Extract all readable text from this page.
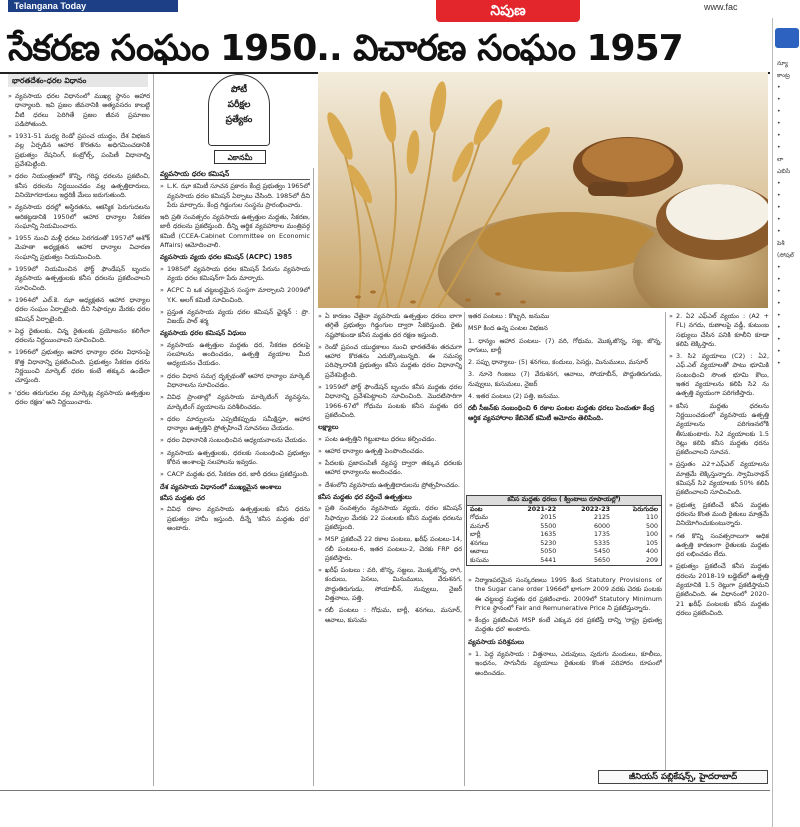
Telangana Today	నిపుణ	www.fac
సేకరణ సంఘం 1950.. విచారణ సంఘం 1957
భారతదేశం-ధరల విధానం

» వ్యవసాయ ధరల విధానంలో ముఖ్య స్థానం ఆహార ధాన్యాలది. ఇవి ప్రజల జీవనానికి అత్యవసరం కాబట్టి వీటి ధరలు పెరిగితే ప్రజల జీవన ప్రమాణం పడిపోతుంది.

» 1931-51 మధ్య రెండో ప్రపంచ యుద్ధం, దేశ విభజన వల్ల ఏర్పడిన ఆహార కొరతను అధిగమించడానికి ప్రభుత్వం రేషనింగ్, కంట్రోల్స్, పంపిణీ విధానాల్ని ప్రవేశపెట్టింది.

» ధరల నియంత్రణలో కొన్ని, గరిష్ఠ ధరలను ప్రకటించి, కనీస ధరలను నిర్ణయించడం వల్ల ఉత్పత్తిదారులు, వినియోగదారులు ఇద్దరికీ మేలు జరుగుతుంది.

» వ్యవసాయ ధరల్లో అస్థిరతను, ఆకస్మిక పెరుగుదలను అరికట్టడానికి 1950లో ఆహార ధాన్యాల సేకరణ సంఘాన్ని నియమించారు.

» 1955 నుంచి మళ్లీ ధరలు పెరగడంతో 1957లో అశోక్ మెహతా అధ్యక్షతన ఆహార ధాన్యాల విచారణ సంఘాన్ని ప్రభుత్వం నియమించింది.

» 1959లో నియమించిన ఫోర్డ్ ఫౌండేషన్ బృందం వ్యవసాయ ఉత్పత్తులకు కనీస ధరలను ప్రకటించాలని సూచించింది.

» 1964లో ఎల్.కె. ఝా అధ్యక్షతన ఆహార ధాన్యాల ధరల సంఘం ఏర్పాటైంది. దీని సిఫార్సుల మేరకు ధరల కమిషన్ ఏర్పాటైంది.

» పెద్ద రైతులకు, చిన్న రైతులకు ప్రయోజనం కలిగేలా ధరలను నిర్ణయించాలని సూచించింది.

» 1966లో ప్రభుత్వం ఆహార ధాన్యాల ధరల విధానంపై కొత్త విధానాన్ని ప్రకటించింది. ప్రభుత్వం సేకరణ ధరను నిర్ణయించి మార్కెట్ ధరల కంటే తక్కువ ఉండేలా చూస్తుంది.

» 'ధరల తరుగుదల వల్ల మార్కెట్ల వ్యవసాయ ఉత్పత్తుల ధరల రక్షణ' అని నిర్ణయించారు.

పోటీ
పరీక్షల
ప్రత్యేకం
ఎకానమీ
వ్యవసాయ ధరల కమిషన్

» L.K. ఝా కమిటీ సూచన ప్రకారం కేంద్ర ప్రభుత్వం 1965లో వ్యవసాయ ధరల కమిషన్ ఏర్పాటు చేసింది. 1985లో దీని పేరు మార్చారు. కేంద్ర గిడ్డంగుల సంస్థను ప్రారంభించారు.

ఇది ప్రతి సంవత్సరం వ్యవసాయ ఉత్పత్తుల మద్దతు, సేకరణ, జారీ ధరలను ప్రకటిస్తుంది. దీన్ని ఆర్థిక వ్యవహారాల మంత్రివర్గ కమిటీ (CCEA-Cabinet Committee on Economic Affairs) ఆమోదించాలి.

వ్యవసాయ వ్యయ ధరల కమిషన్ (ACPC) 1985

» 1985లో వ్యవసాయ ధరల కమిషన్ పేరును వ్యవసాయ వ్యయ ధరల కమిషన్‌గా పేరు మార్చారు.

» ACPC ని ఒక చట్టబద్ధమైన సంస్థగా మార్చాలని 2009లో Y.K. అలగ్ కమిటీ సూచించింది.

» ప్రస్తుత వ్యవసాయ వ్యయ ధరల కమిషన్ ఛైర్మన్ : ప్రొ. విజయ్ పాల్ శర్మ

వ్యవసాయ ధరల కమిషన్ విధులు

» వ్యవసాయ ఉత్పత్తుల మద్దతు ధర, సేకరణ ధరలపై సలహాలను అందించడం, ఉత్పత్తి వ్యయాల మీద అధ్యయనం చేయడం.

» ధరల విధాన సమగ్ర దృక్పథంతో ఆహార ధాన్యాల మార్కెట్ విధానాలను సూచించడం.

» వివిధ ప్రాంతాల్లో వ్యవసాయ మార్కెటింగ్ వ్యవస్థను, మార్కెటింగ్ వ్యయాలను పరిశీలించడం.

» ధరల మార్పులను ఎప్పటికప్పుడు సమీక్షిస్తూ, ఆహార ధాన్యాల ఉత్పత్తిని ప్రోత్సహించే సూచనలు చేయడం.

» ధరల విధానానికి సంబంధించిన అధ్యయనాలను చేయడం.

» వ్యవసాయ ఉత్పత్తులకు, ధరలకు సంబంధించి ప్రభుత్వం కోరిన అంశాలపై సలహాలను ఇవ్వడం.

» CACP మద్దతు ధర, సేకరణ ధర, జారీ ధరలు ప్రకటిస్తుంది.

దేశ వ్యవసాయ విధానంలో ముఖ్యమైన అంశాలు
కనీస మద్దతు ధర

» వివిధ రకాల వ్యవసాయ ఉత్పత్తులకు కనీస ధరను ప్రభుత్వం హామీ ఇస్తుంది. దీన్నే 'కనీస మద్దతు ధర' అంటారు.

» ఏ కారణం చేతైనా వ్యవసాయ ఉత్పత్తుల ధరలు బాగా తగ్గితే ప్రభుత్వం గిడ్డంగుల ద్వారా సేకరిస్తుంది. రైతు నష్టపోకుండా కనీస మద్దతు ధర రక్షణ ఇస్తుంది.

» రెండో ప్రపంచ యుద్ధకాలం నుంచి భారతదేశం తరచుగా ఆహార కొరతను ఎదుర్కొంటున్నది. ఈ సమస్య పరిష్కారానికి ప్రభుత్వం కనీస మద్దతు ధరల విధానాన్ని ప్రవేశపెట్టింది.

» 1959లో ఫోర్డ్ ఫౌండేషన్ బృందం కనీస మద్దతు ధరల విధానాన్ని ప్రవేశపెట్టాలని సూచించింది. మొదటిసారిగా 1966-67లో గోధుమ పంటకు కనీస మద్దతు ధర ప్రకటించింది.

లక్ష్యాలు

» పంట ఉత్పత్తిని గిట్టుబాటు ధరలు కల్పించడం.

» ఆహార ధాన్యాల ఉత్పత్తి పెంపొందించడం.

» పేదలకు ప్రజాపంపిణీ వ్యవస్థ ద్వారా తక్కువ ధరలకు ఆహార ధాన్యాలను అందించడం.

» దేశంలోని వ్యవసాయ ఉత్పత్తిదారులను ప్రోత్సహించడం.

కనీస మద్దతు ధర వర్తించే ఉత్పత్తులు

» ప్రతి సంవత్సరం వ్యవసాయ వ్యయ, ధరల కమిషన్ సిఫార్సుల మేరకు 22 పంటలకు కనీస మద్దతు ధరలను ప్రకటిస్తుంది.

» MSP ప్రకటించే 22 రకాల పంటలు, ఖరీఫ్ పంటలు-14, రబీ పంటలు-6, ఇతర పంటలు-2, చెరకు FRP ధర ప్రకటిస్తారు.

» ఖరీఫ్ పంటలు : వరి, జొన్న, సజ్జలు, మొక్కజొన్న, రాగి, కందులు, పెసలు, మినుములు, వేరుశనగ, పొద్దుతిరుగుడు, సోయాబీన్, నువ్వులు, నైజర్ విత్తనాలు, పత్తి.

» రబీ పంటలు : గోధుమ, బార్లీ, శనగలు, మసూర్, ఆవాలు, కుసుమ

ఇతర పంటలు : కొబ్బరి, జనుము

MSP కింద ఉన్న పంటల విభజన

1. ధాన్యం ఆహార పంటలు- (7) వరి, గోధుమ, మొక్కజొన్న, సజ్జ, జొన్న, రాగులు, బార్లీ

2. పప్పు ధాన్యాలు- (5) శనగలు, కందులు, పెసర్లు, మినుములు, మసూర్

3. నూనె గింజలు (7) వేరుశనగ, ఆవాలు, సోయాబీన్, పొద్దుతిరుగుడు, నువ్వులు, కుసుమలు, నైజర్

4. ఇతర పంటలు (2) పత్తి, జనుము.

రబీ సీజన్‌కు సంబంధించి 6 రకాల పంటల మద్దతు ధరలు పెంచుతూ కేంద్ర ఆర్థిక వ్యవహారాల కేబినెట్ కమిటీ ఆమోదం తెలిపింది.
కనీస మద్దతు ధరలు ( క్వింటాలు రూపాయల్లో)
పంట	2021-22	2022-23	పెరుగుదల
గోధుమ	2015	2125	110
మసూర్	5500	6000	500
బార్లీ	1635	1735	100
శనగలు	5230	5335	105
ఆవాలు	5050	5450	400
కుసుమ	5441	5650	209

» నిర్మాణపరమైన సంస్కరణలు 1995 కింద Statutory Provisions of the Sugar cane order 1966లో భాగంగా 2009 వరకు చెరకు పంటకు ఈ చట్టబద్ధ మద్దతు ధర ప్రకటించారు. 2009లో Statutory Minimum Price స్థానంలో Fair and Remunerative Price ని ప్రకటిస్తున్నారు.

» కేంద్రం ప్రకటించిన MSP కంటే ఎక్కువ ధర ప్రకటిస్తే దాన్ని 'రాష్ట్ర ప్రభుత్వ మద్దతు ధర' అంటారు.

వ్యవసాయ పరిశ్రమలు

» 1. పెద్ద వ్యవసాయ : విత్తనాలు, ఎరువులు, పురుగు మందులు, కూలీలు, ఇంధనం, సాగునీరు వ్యయాలు రైతులకు కొంత పరిహారం రూపంలో అందించడం.

» 2. ఏ2 ఎఫ్‌ఎల్ వ్యయం : (A2 + FL) నగదు, రుణాలపై వడ్డీ, కుటుంబ సభ్యులు చేసిన పనికి కూలీని కూడా కలిపి లెక్కిస్తారు.

» 3. సి2 వ్యయాలు (C2) : ఏ2, ఎఫ్.ఎల్ వ్యయాలతో పాటు భూమికి సంబంధించి సొంత భూమి కౌలు, ఇతర వ్యయాలను కలిపి సి2 ను ఉత్పత్తి వ్యయంగా పరిగణిస్తారు.

» కనీస మద్దతు ధరలను నిర్ణయించడంలో వ్యవసాయ ఉత్పత్తి వ్యయాలను పరిగణనలోకి తీసుకుంటారు. సి2 వ్యయాలకు 1.5 రెట్లు కలిపి కనీస మద్దతు ధరను ప్రకటించాలని సూచన.

» ప్రస్తుతం ఎ2+ఎఫ్ఎల్ వ్యయాలను మాత్రమే లెక్కిస్తున్నారు. స్వామినాథన్ కమిషన్ సి2 వ్యయాలకు 50% కలిపి ప్రకటించాలని సూచించింది.

» ప్రభుత్వ ప్రకటించే కనీస మద్దతు ధరలను కొంత మంది రైతులు మాత్రమే వినియోగించుకుంటున్నారు.

» గత కొన్ని సంవత్సరాలుగా అధిక ఉత్పత్తి కారణంగా రైతులకు మద్దతు ధర లభించడం లేదు.

» ప్రభుత్వం ప్రకటించే కనీస మద్దతు ధరలను 2018-19 బడ్జెట్‌లో ఉత్పత్తి వ్యయానికి 1.5 రెట్లుగా ప్రకటిస్తామని ప్రకటించింది. ఈ విధానంలో 2020-21 ఖరీఫ్ పంటలకు కనీస మద్దతు ధరలు ప్రకటించింది.

జీనియస్ పబ్లికేషన్స్, హైదరాబాద్
న్యూ
కాంట్ర
•
•
•
•
•
•
లా
ఎబిసి
•
•
•
•
•
పెశీ
(సోషల్
•
•
•
•
•
•
•
•
•
